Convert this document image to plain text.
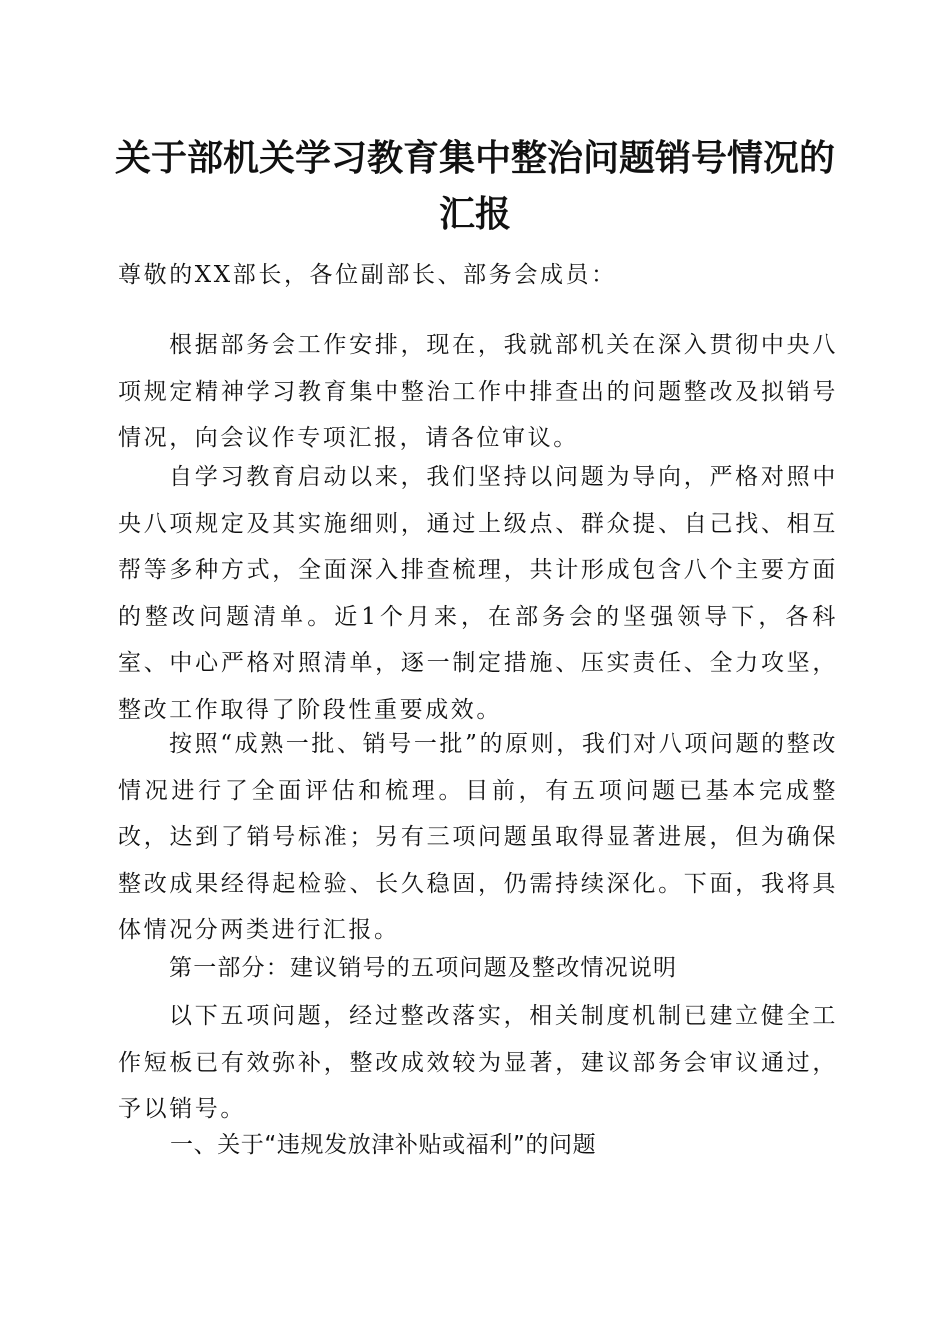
关于部机关学习教育集中整治问题销号情况的
汇报

尊敬的XX部长，各位副部长、部务会成员：

根据部务会工作安排，现在，我就部机关在深入贯彻中央八项规定精神学习教育集中整治工作中排查出的问题整改及拟销号情况，向会议作专项汇报，请各位审议。

自学习教育启动以来，我们坚持以问题为导向，严格对照中央八项规定及其实施细则，通过上级点、群众提、自己找、相互帮等多种方式，全面深入排查梳理，共计形成包含八个主要方面的整改问题清单。近1个月来，在部务会的坚强领导下，各科室、中心严格对照清单，逐一制定措施、压实责任、全力攻坚，整改工作取得了阶段性重要成效。

按照“成熟一批、销号一批”的原则，我们对八项问题的整改情况进行了全面评估和梳理。目前，有五项问题已基本完成整改，达到了销号标准；另有三项问题虽取得显著进展，但为确保整改成果经得起检验、长久稳固，仍需持续深化。下面，我将具体情况分两类进行汇报。

第一部分：建议销号的五项问题及整改情况说明

以下五项问题，经过整改落实，相关制度机制已建立健全工作短板已有效弥补，整改成效较为显著，建议部务会审议通过，予以销号。

一、关于“违规发放津补贴或福利”的问题
